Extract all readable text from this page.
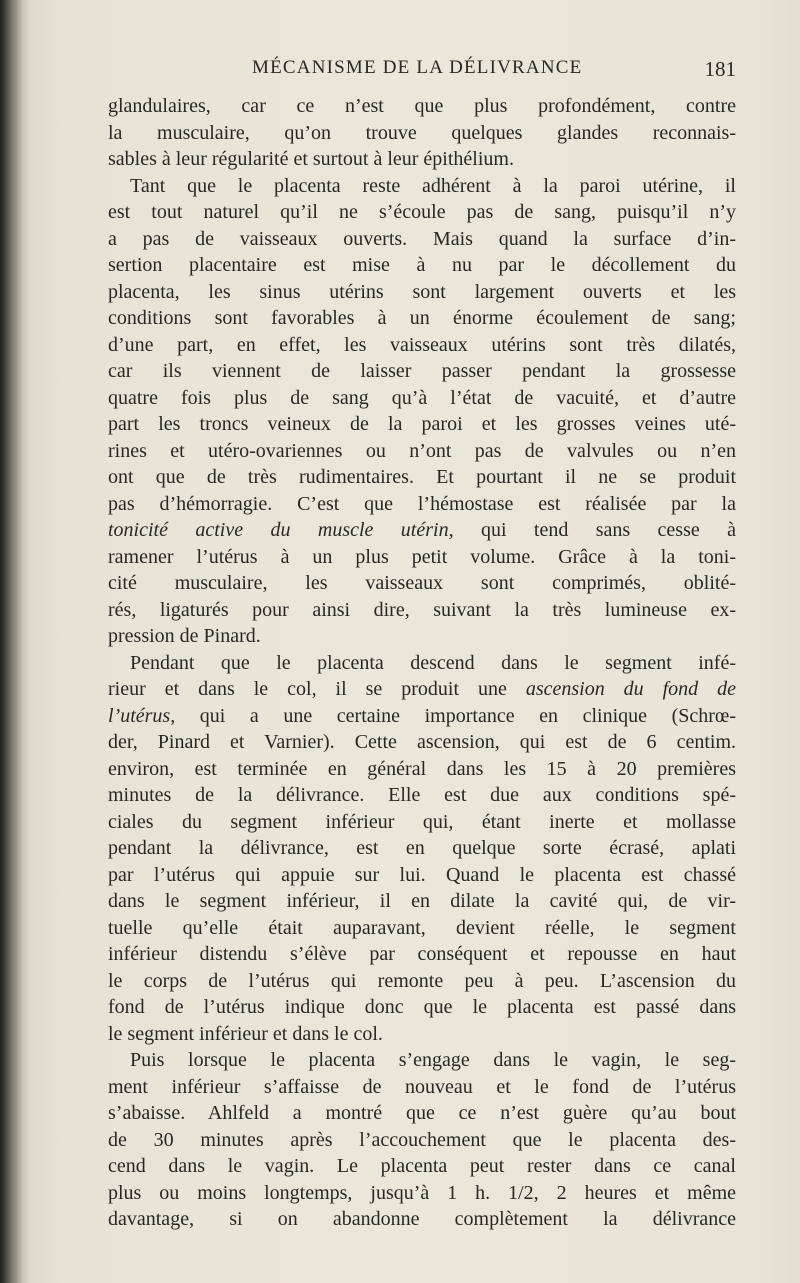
MÉCANISME DE LA DÉLIVRANCE	181
glandulaires, car ce n’est que plus profondément, contre
la musculaire, qu’on trouve quelques glandes reconnais-
sables à leur régularité et surtout à leur épithélium.
Tant que le placenta reste adhérent à la paroi utérine, il
est tout naturel qu’il ne s’écoule pas de sang, puisqu’il n’y
a pas de vaisseaux ouverts. Mais quand la surface d’in-
sertion placentaire est mise à nu par le décollement du
placenta, les sinus utérins sont largement ouverts et les
conditions sont favorables à un énorme écoulement de sang;
d’une part, en effet, les vaisseaux utérins sont très dilatés,
car ils viennent de laisser passer pendant la grossesse
quatre fois plus de sang qu’à l’état de vacuité, et d’autre
part les troncs veineux de la paroi et les grosses veines uté-
rines et utéro-ovariennes ou n’ont pas de valvules ou n’en
ont que de très rudimentaires. Et pourtant il ne se produit
pas d’hémorragie. C’est que l’hémostase est réalisée par la
tonicité active du muscle utérin, qui tend sans cesse à
ramener l’utérus à un plus petit volume. Grâce à la toni-
cité musculaire, les vaisseaux sont comprimés, oblité-
rés, ligaturés pour ainsi dire, suivant la très lumineuse ex-
pression de Pinard.
Pendant que le placenta descend dans le segment infé-
rieur et dans le col, il se produit une ascension du fond de
l’utérus, qui a une certaine importance en clinique (Schrœ-
der, Pinard et Varnier). Cette ascension, qui est de 6 centim.
environ, est terminée en général dans les 15 à 20 premières
minutes de la délivrance. Elle est due aux conditions spé-
ciales du segment inférieur qui, étant inerte et mollasse
pendant la délivrance, est en quelque sorte écrasé, aplati
par l’utérus qui appuie sur lui. Quand le placenta est chassé
dans le segment inférieur, il en dilate la cavité qui, de vir-
tuelle qu’elle était auparavant, devient réelle, le segment
inférieur distendu s’élève par conséquent et repousse en haut
le corps de l’utérus qui remonte peu à peu. L’ascension du
fond de l’utérus indique donc que le placenta est passé dans
le segment inférieur et dans le col.
Puis lorsque le placenta s’engage dans le vagin, le seg-
ment inférieur s’affaisse de nouveau et le fond de l’utérus
s’abaisse. Ahlfeld a montré que ce n’est guère qu’au bout
de 30 minutes après l’accouchement que le placenta des-
cend dans le vagin. Le placenta peut rester dans ce canal
plus ou moins longtemps, jusqu’à 1 h. 1/2, 2 heures et même
davantage, si on abandonne complètement la délivrance
